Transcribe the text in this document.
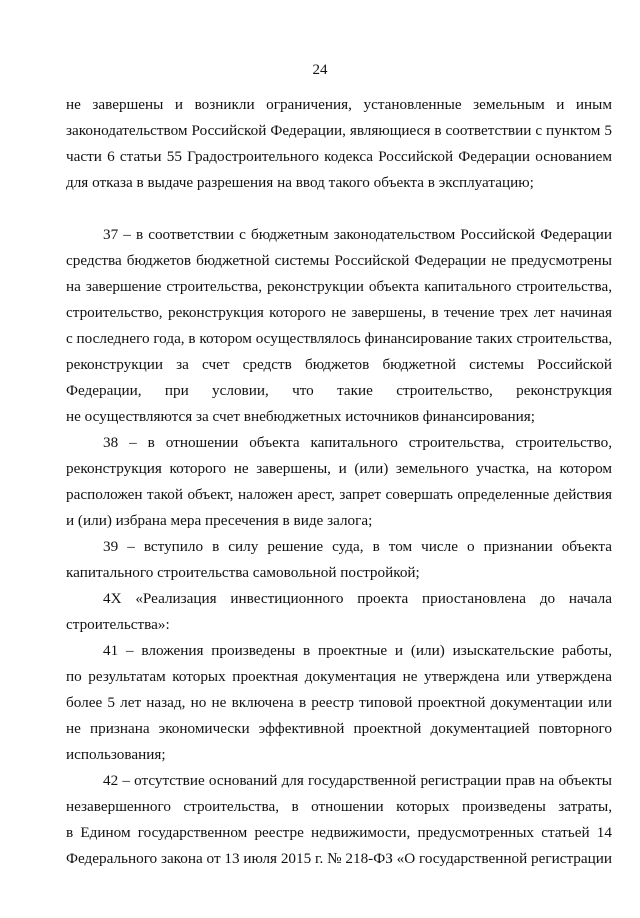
24
не завершены и возникли ограничения, установленные земельным и иным
законодательством Российской Федерации, являющиеся в соответствии с пунктом 5
части 6 статьи 55 Градостроительного кодекса Российской Федерации основанием
для отказа в выдаче разрешения на ввод такого объекта в эксплуатацию;
37 – в соответствии с бюджетным законодательством Российской Федерации
средства бюджетов бюджетной системы Российской Федерации не предусмотрены
на завершение строительства, реконструкции объекта капитального строительства,
строительство, реконструкция которого не завершены, в течение трех лет начиная
с последнего года, в котором осуществлялось финансирование таких строительства,
реконструкции за счет средств бюджетов бюджетной системы Российской
Федерации, при условии, что такие строительство, реконструкция
не осуществляются за счет внебюджетных источников финансирования;
38 – в отношении объекта капитального строительства, строительство,
реконструкция которого не завершены, и (или) земельного участка, на котором
расположен такой объект, наложен арест, запрет совершать определенные действия
и (или) избрана мера пресечения в виде залога;
39 – вступило в силу решение суда, в том числе о признании объекта
капитального строительства самовольной постройкой;
4Х «Реализация инвестиционного проекта приостановлена до начала
строительства»:
41 – вложения произведены в проектные и (или) изыскательские работы,
по результатам которых проектная документация не утверждена или утверждена
более 5 лет назад, но не включена в реестр типовой проектной документации или
не признана экономически эффективной проектной документацией повторного
использования;
42 – отсутствие оснований для государственной регистрации прав на объекты
незавершенного строительства, в отношении которых произведены затраты,
в Едином государственном реестре недвижимости, предусмотренных статьей 14
Федерального закона от 13 июля 2015 г. № 218-ФЗ «О государственной регистрации
